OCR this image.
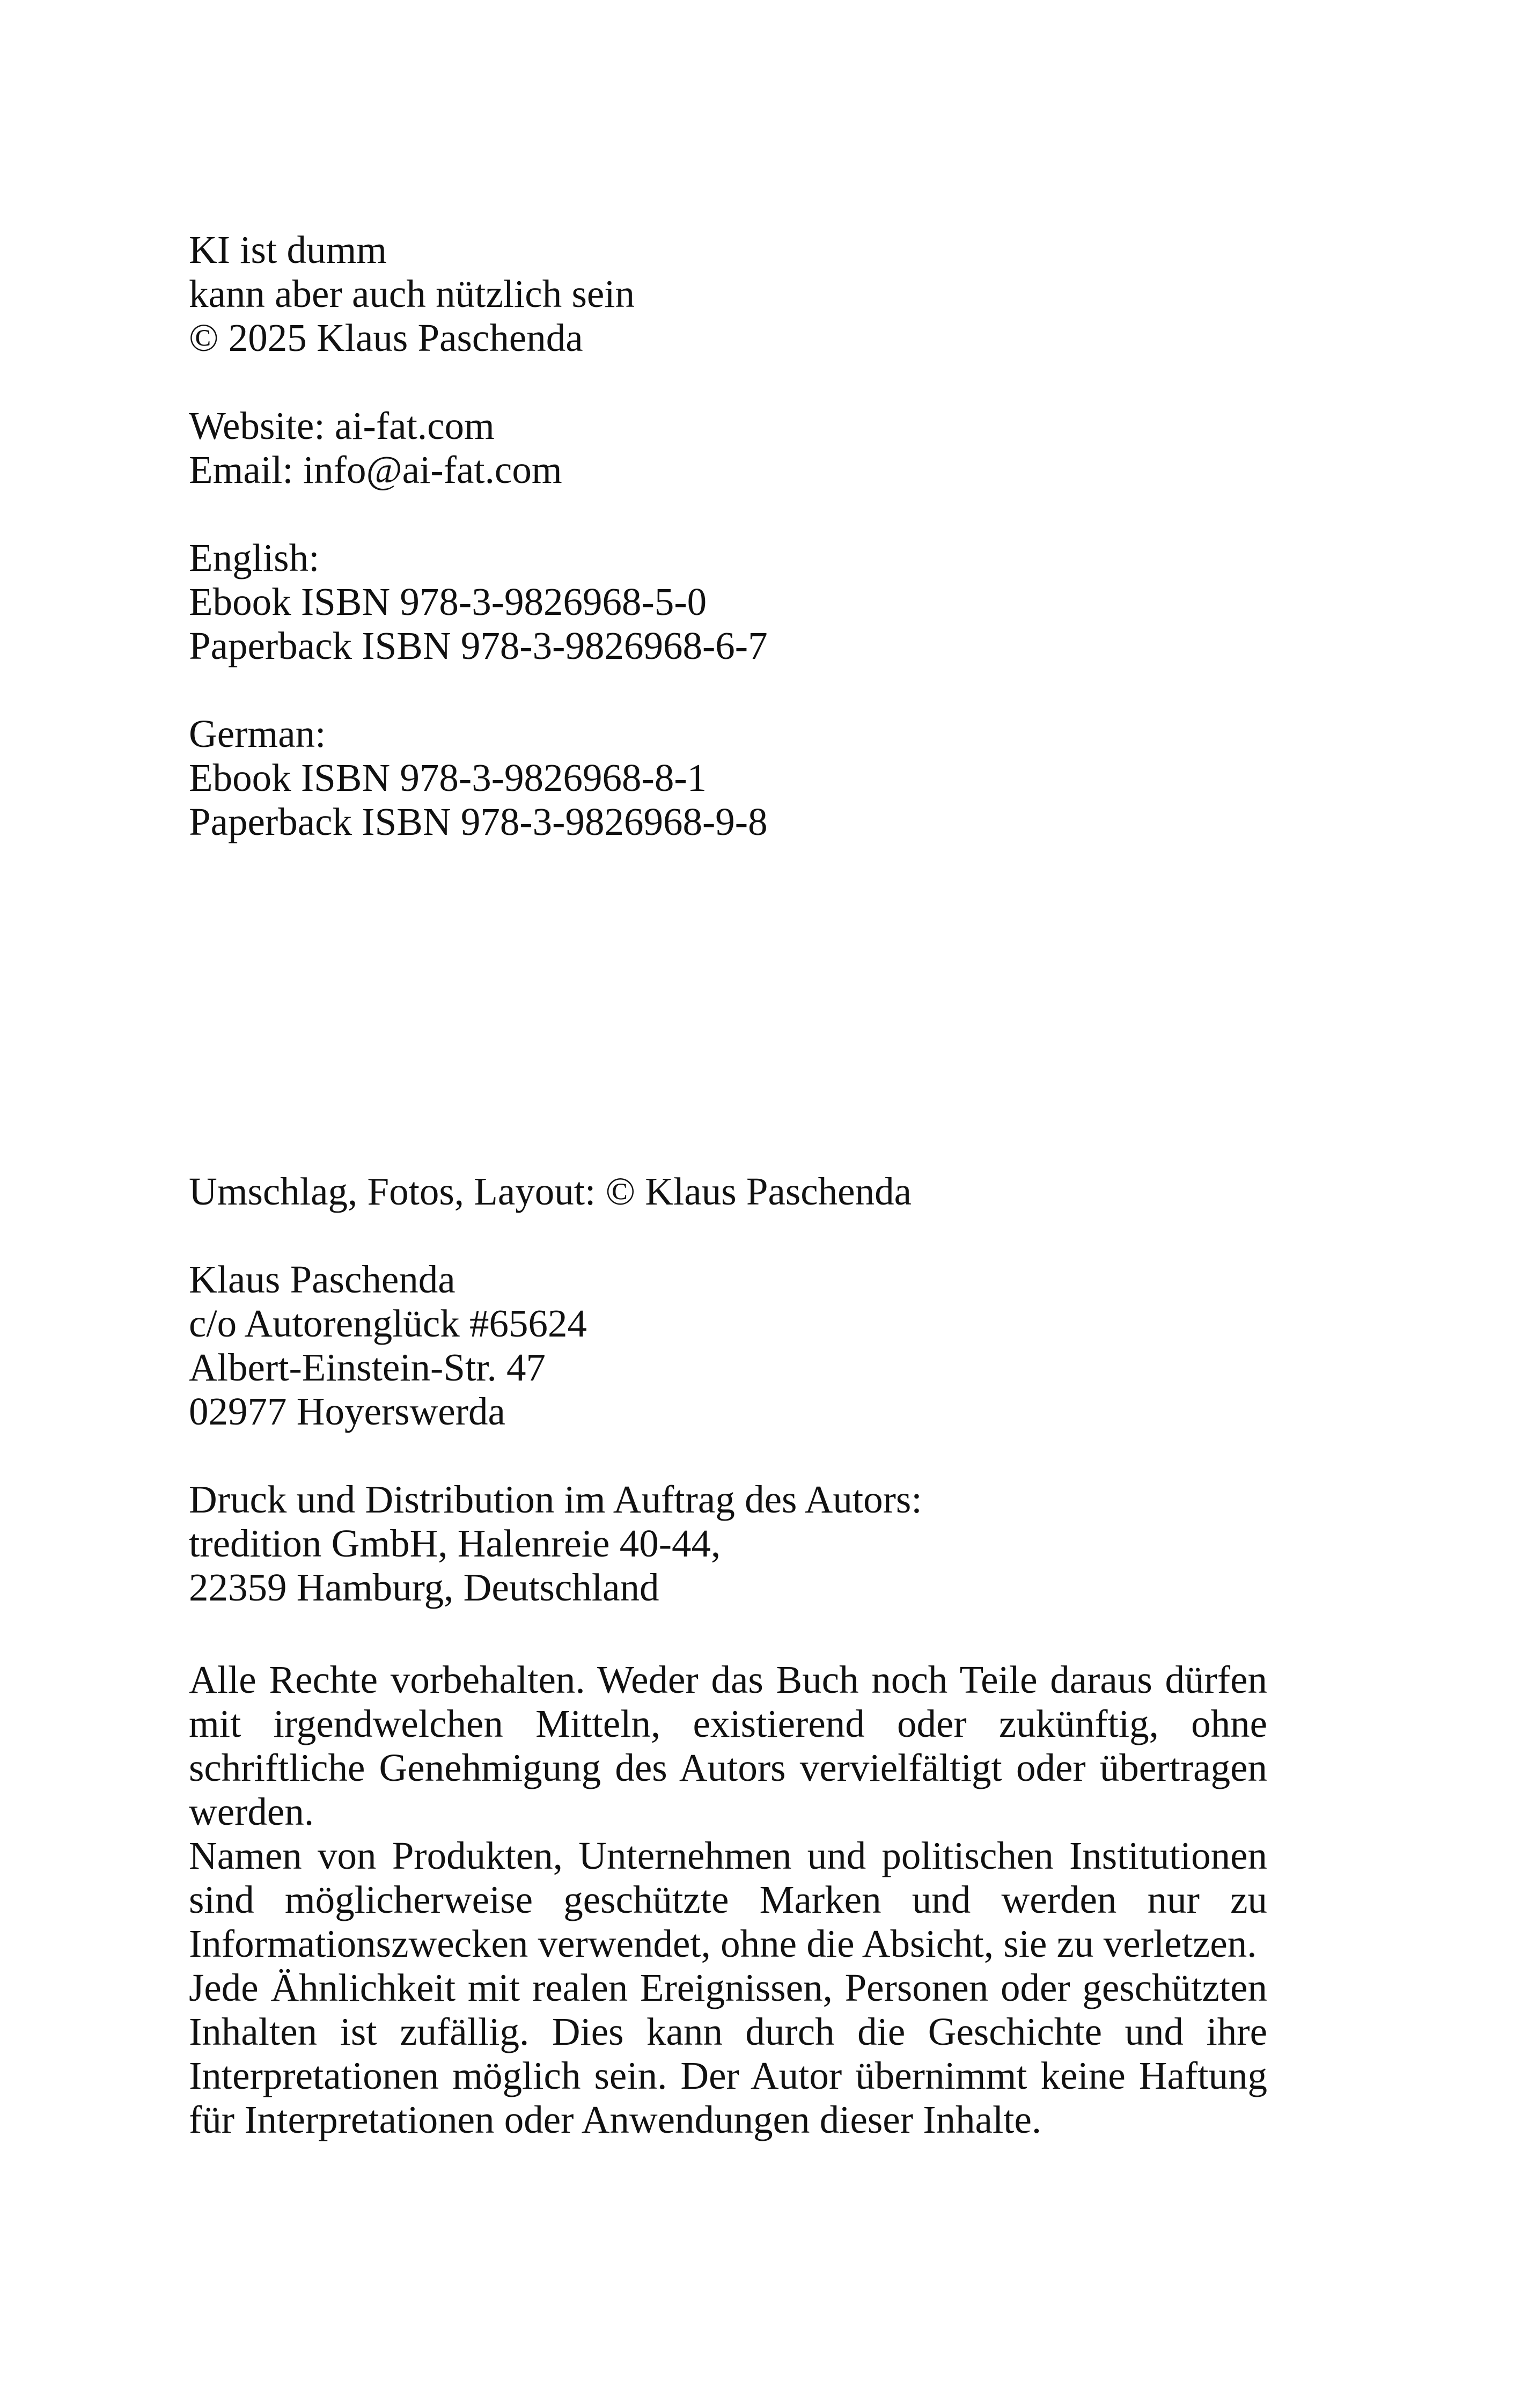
KI ist dumm
kann aber auch nützlich sein
© 2025 Klaus Paschenda
Website: ai-fat.com
Email: info@ai-fat.com
English:
Ebook ISBN 978-3-9826968-5-0
Paperback ISBN 978-3-9826968-6-7
German:
Ebook ISBN 978-3-9826968-8-1
Paperback ISBN 978-3-9826968-9-8
Umschlag, Fotos, Layout: © Klaus Paschenda
Klaus Paschenda
c/o Autorenglück #65624
Albert-Einstein-Str. 47
02977 Hoyerswerda
Druck und Distribution im Auftrag des Autors:
tredition GmbH, Halenreie 40-44,
22359 Hamburg, Deutschland

Alle Rechte vorbehalten. Weder das Buch noch Teile daraus dürfen mit irgendwelchen Mitteln, existierend oder zukünftig, ohne schriftliche Genehmigung des Autors vervielfältigt oder übertragen werden.

Namen von Produkten, Unternehmen und politischen Institutionen sind möglicherweise geschützte Marken und werden nur zu Informationszwecken verwendet, ohne die Absicht, sie zu verletzen.

Jede Ähnlichkeit mit realen Ereignissen, Personen oder geschützten Inhalten ist zufällig. Dies kann durch die Geschichte und ihre Interpretationen möglich sein. Der Autor übernimmt keine Haftung für Interpretationen oder Anwendungen dieser Inhalte.
